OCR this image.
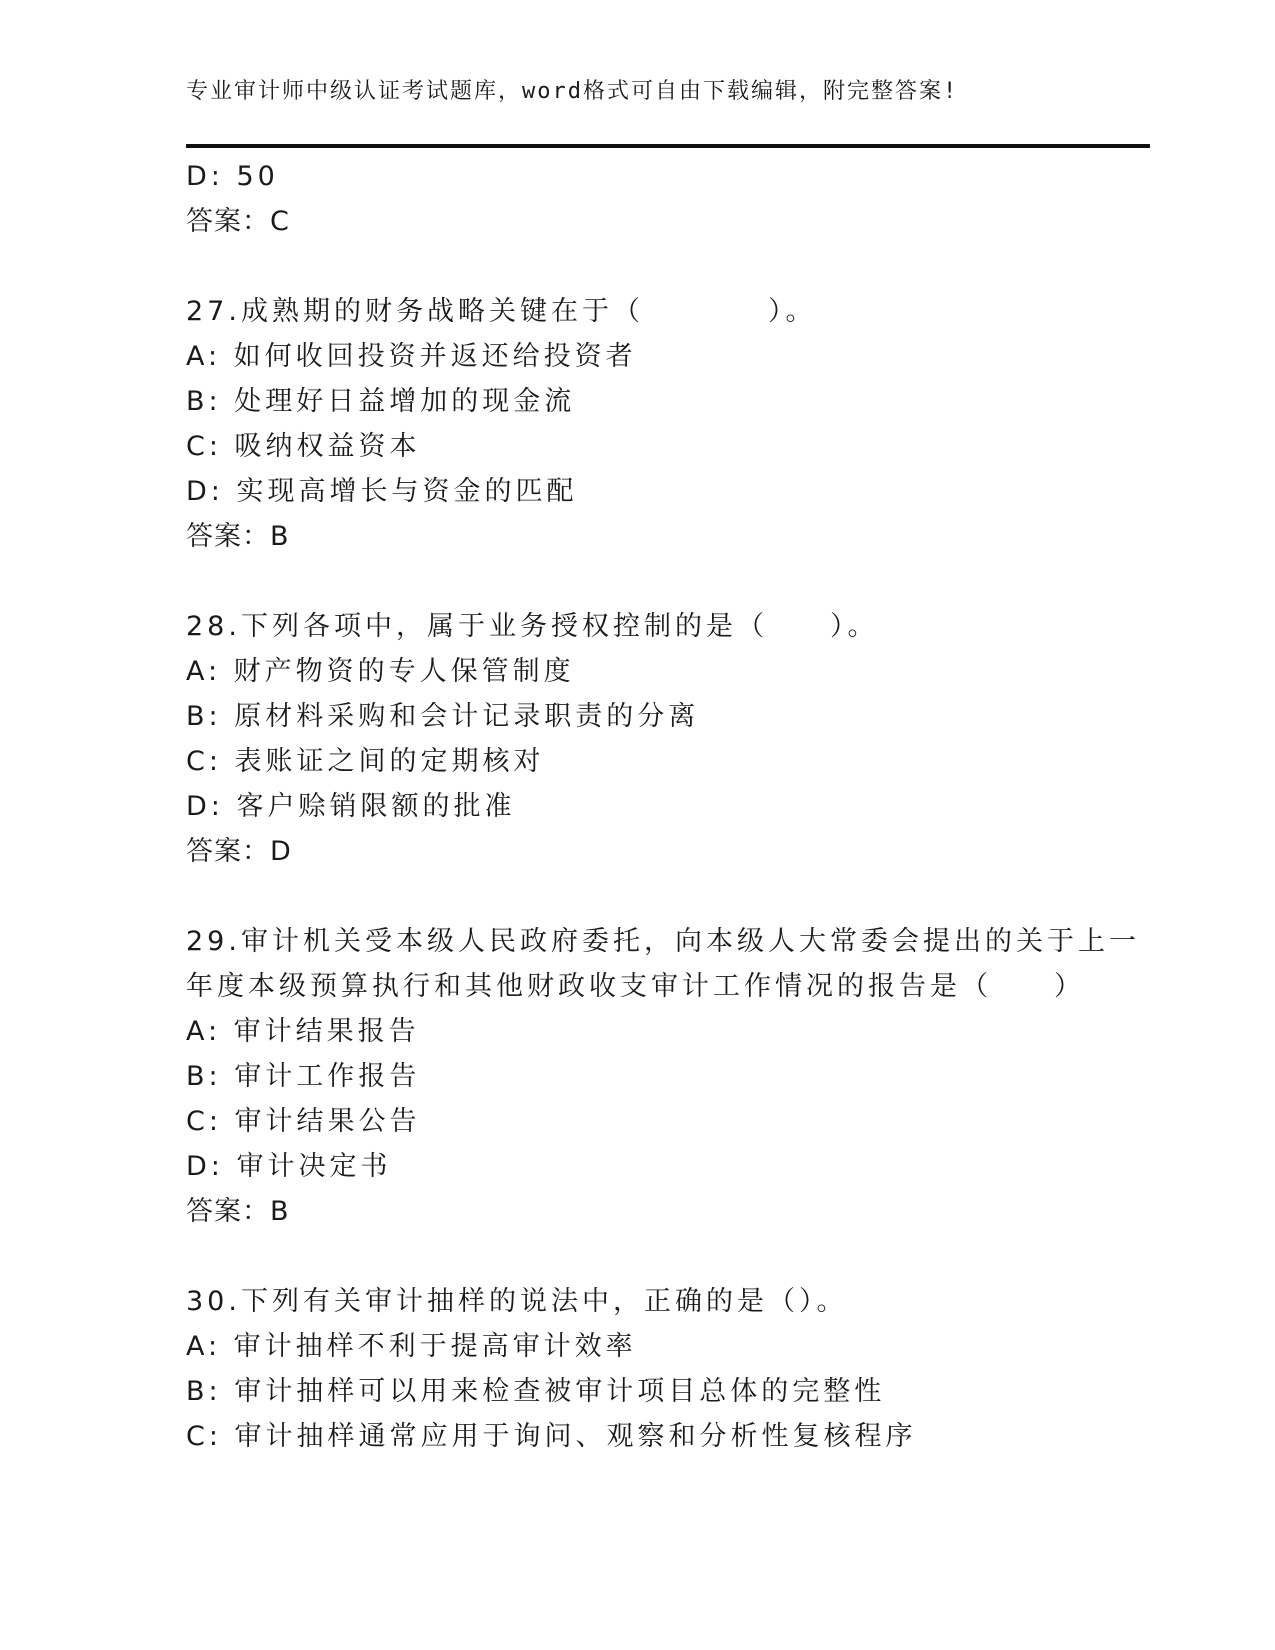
专业审计师中级认证考试题库，word格式可自由下载编辑，附完整答案!
D: 50
答案：C
27.成熟期的财务战略关键在于（　　　　）。
A: 如何收回投资并返还给投资者
B: 处理好日益增加的现金流
C: 吸纳权益资本
D: 实现高增长与资金的匹配
答案：B
28.下列各项中，属于业务授权控制的是（　　）。
A: 财产物资的专人保管制度
B: 原材料采购和会计记录职责的分离
C: 表账证之间的定期核对
D: 客户赊销限额的批准
答案：D
29.审计机关受本级人民政府委托，向本级人大常委会提出的关于上一
年度本级预算执行和其他财政收支审计工作情况的报告是（　　）
A: 审计结果报告
B: 审计工作报告
C: 审计结果公告
D: 审计决定书
答案：B
30.下列有关审计抽样的说法中，正确的是（）。
A: 审计抽样不利于提高审计效率
B: 审计抽样可以用来检查被审计项目总体的完整性
C: 审计抽样通常应用于询问、观察和分析性复核程序
